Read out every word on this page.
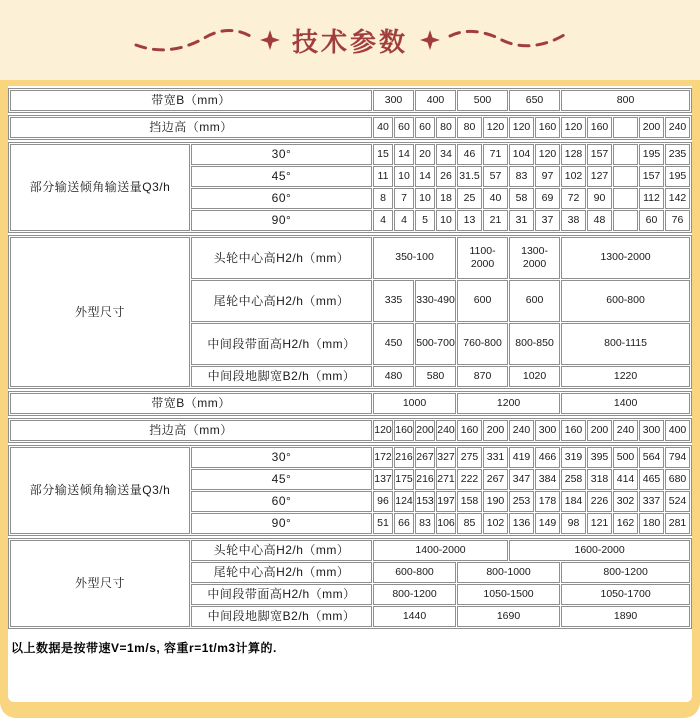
技术参数
带宽B（mm）	300	400	500	650	800
挡边高（mm）	40	60	60	80	80	120	120	160	120	160		200	240
部分输送倾角输送量Q3/h	30°	15	14	20	34	46	71	104	120	128	157		195	235
	45°	11	10	14	26	31.5	57	83	97	102	127		157	195
	60°	8	7	10	18	25	40	58	69	72	90		112	142
	90°	4	4	5	10	13	21	31	37	38	48		60	76
外型尺寸	头轮中心高H2/h（mm）	350-100		1100-2000	1300-2000	1300-2000
	尾轮中心高H2/h（mm）	335	330-490	600	600	600-800
	中间段带面高H2/h（mm）	450	500-700	760-800	800-850	800-1115
	中间段地脚宽B2/h（mm）	480	580	870	1020	1220
带宽B（mm）	1000	1200	1400
挡边高（mm）	120	160	200	240	160	200	240	300	160	200	240	300	400
部分输送倾角输送量Q3/h	30°	172	216	267	327	275	331	419	466	319	395	500	564	794
	45°	137	175	216	271	222	267	347	384	258	318	414	465	680
	60°	96	124	153	197	158	190	253	178	184	226	302	337	524
	90°	51	66	83	106	85	102	136	149	98	121	162	180	281
外型尺寸	头轮中心高H2/h（mm）	1400-2000		1600-2000	
	尾轮中心高H2/h（mm）	600-800	800-1000		800-1200
	中间段带面高H2/h（mm）	800-1200	1050-1500		1050-1700
	中间段地脚宽B2/h（mm）	1440	1690		1890
以上数据是按带速V=1m/s, 容重r=1t/m3计算的.
